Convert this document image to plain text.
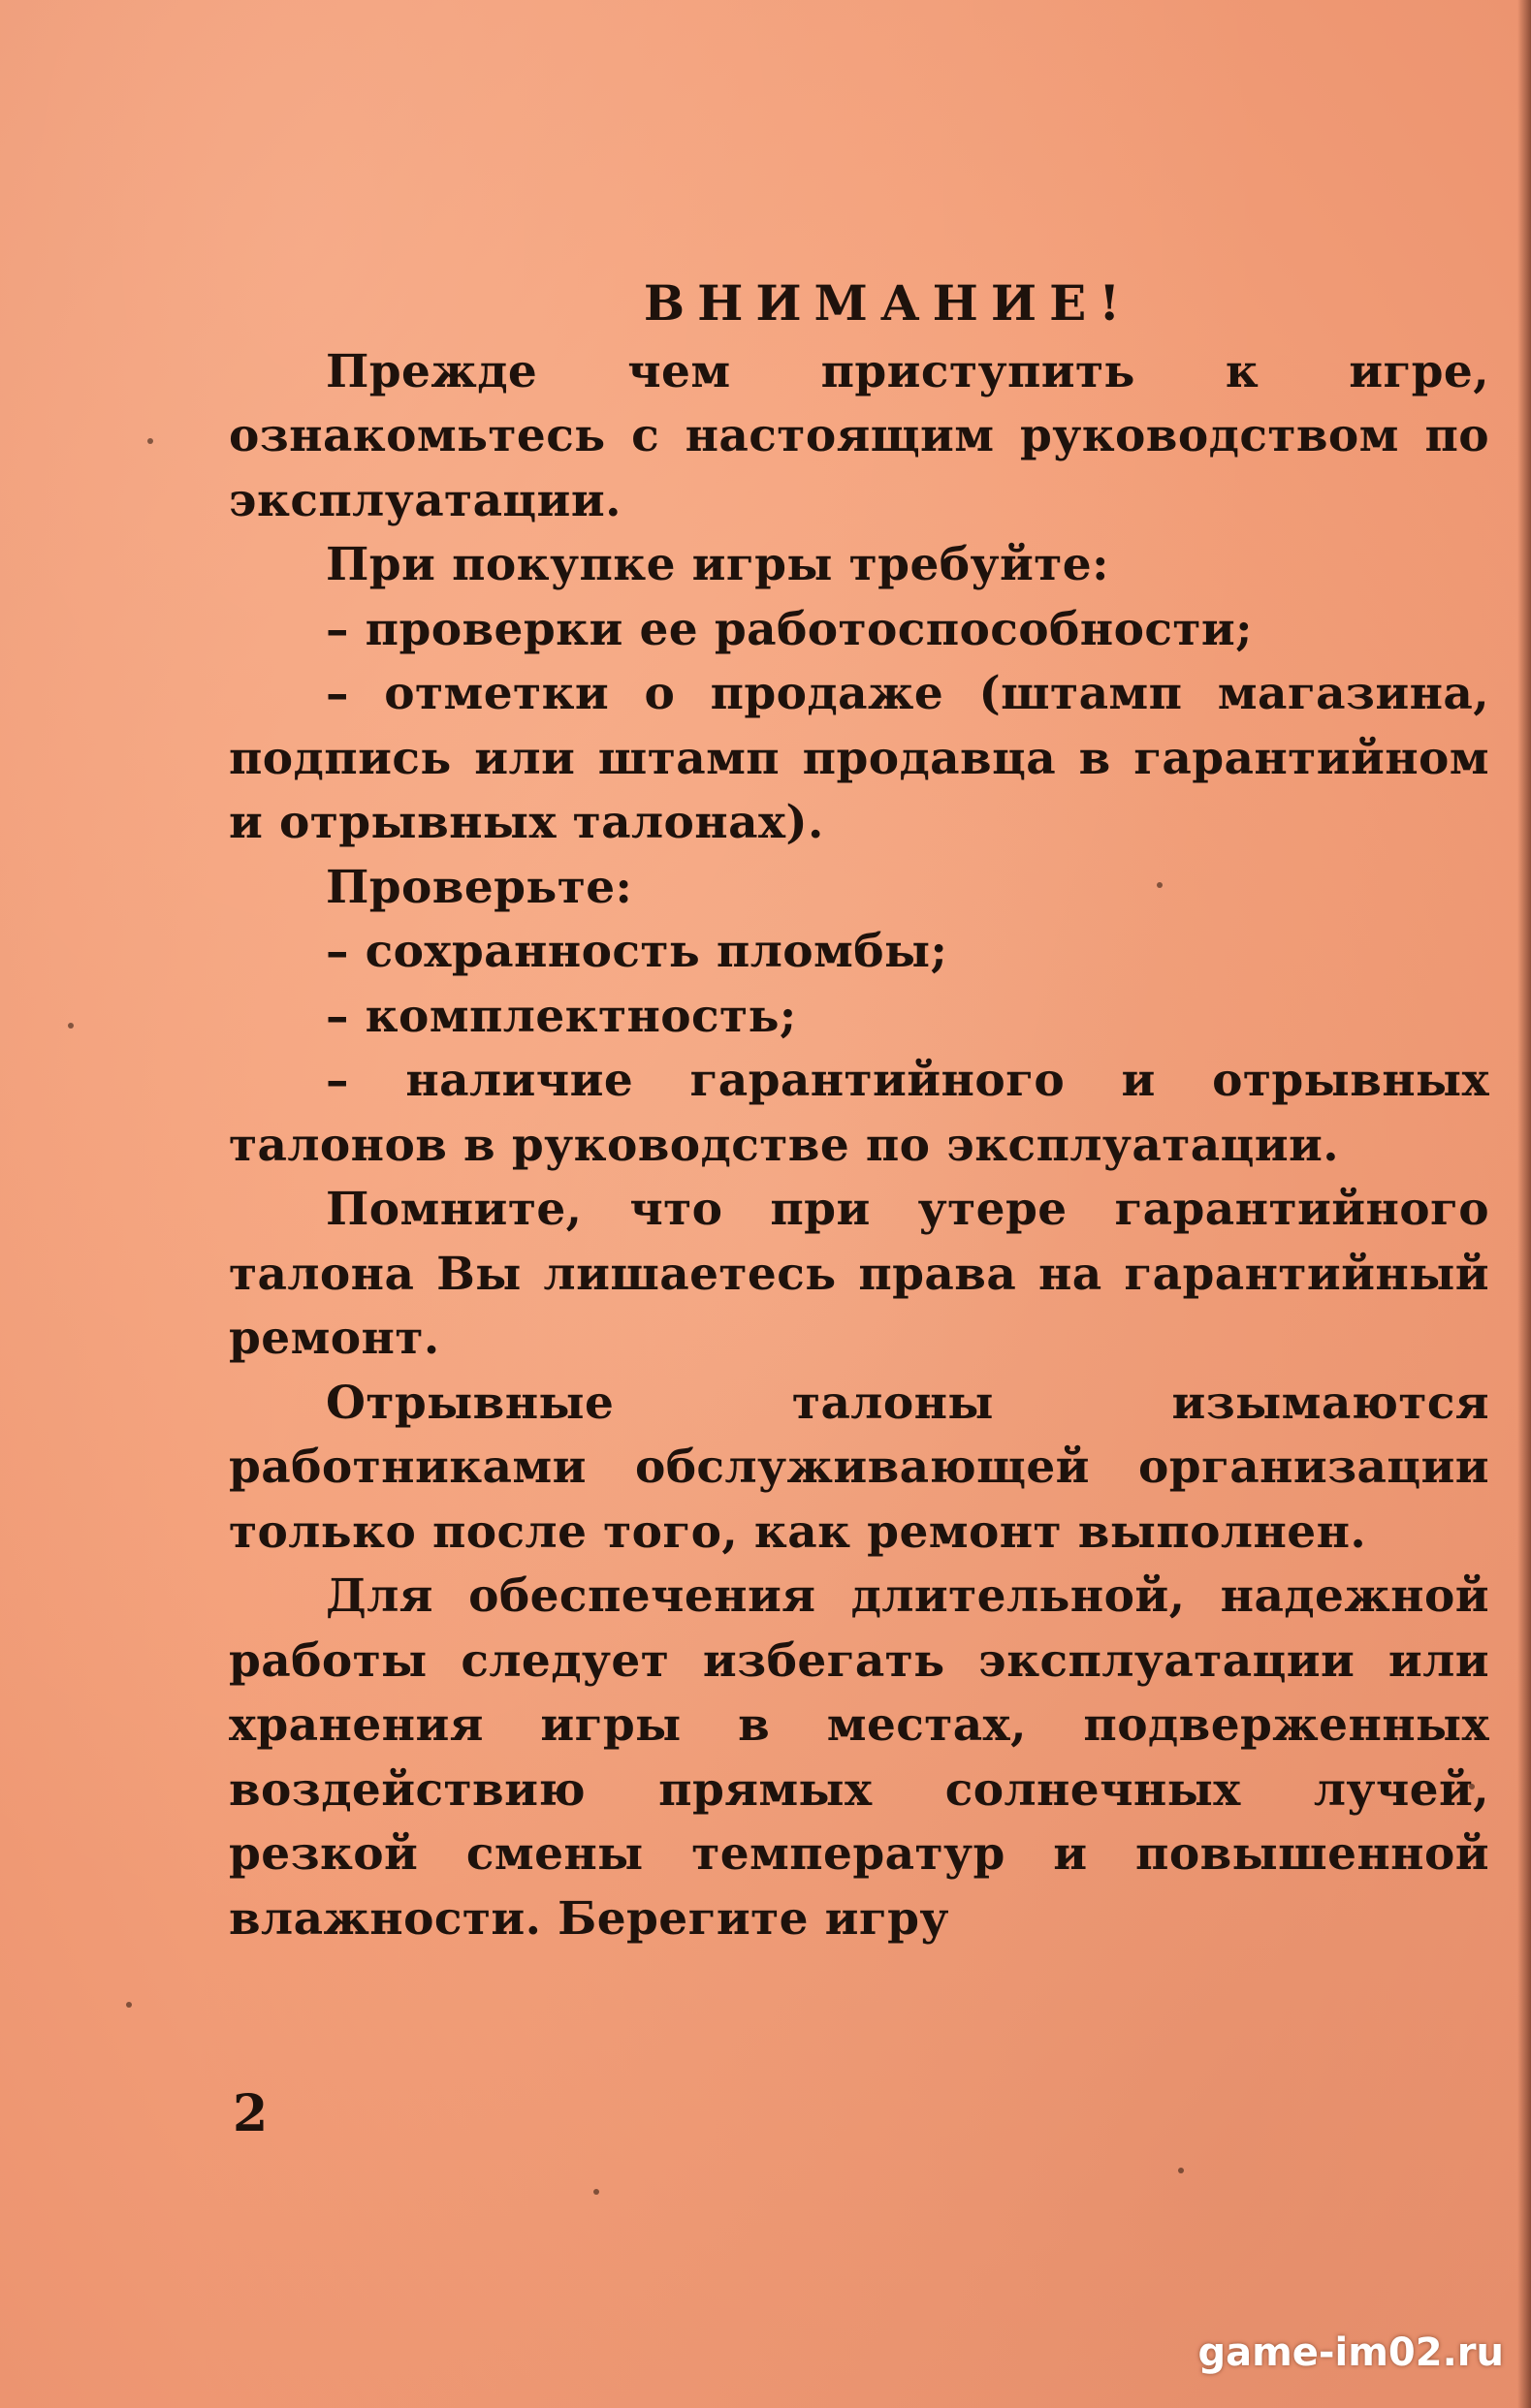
ВНИМАНИЕ!

Прежде чем приступить к игре, ознакомьтесь с настоящим руководством по эксплуатации.

При покупке игры требуйте:

– проверки ее работоспособности;

– отметки о продаже (штамп магазина, подпись или штамп продавца в гарантийном и отрывных талонах).

Проверьте:

– сохранность пломбы;

– комплектность;

– наличие гарантийного и отрывных талонов в руководстве по эксплуатации.

Помните, что при утере гарантийного талона Вы лишаетесь права на гарантийный ремонт.

Отрывные талоны изымаются работниками обслуживающей организации только после того, как ремонт выполнен.

Для обеспечения длительной, надежной работы следует избегать эксплуатации или хранения игры в местах, подверженных воздействию прямых солнечных лучей, резкой смены температур и повышенной влажности. Берегите игру

2
game-im02.ru
